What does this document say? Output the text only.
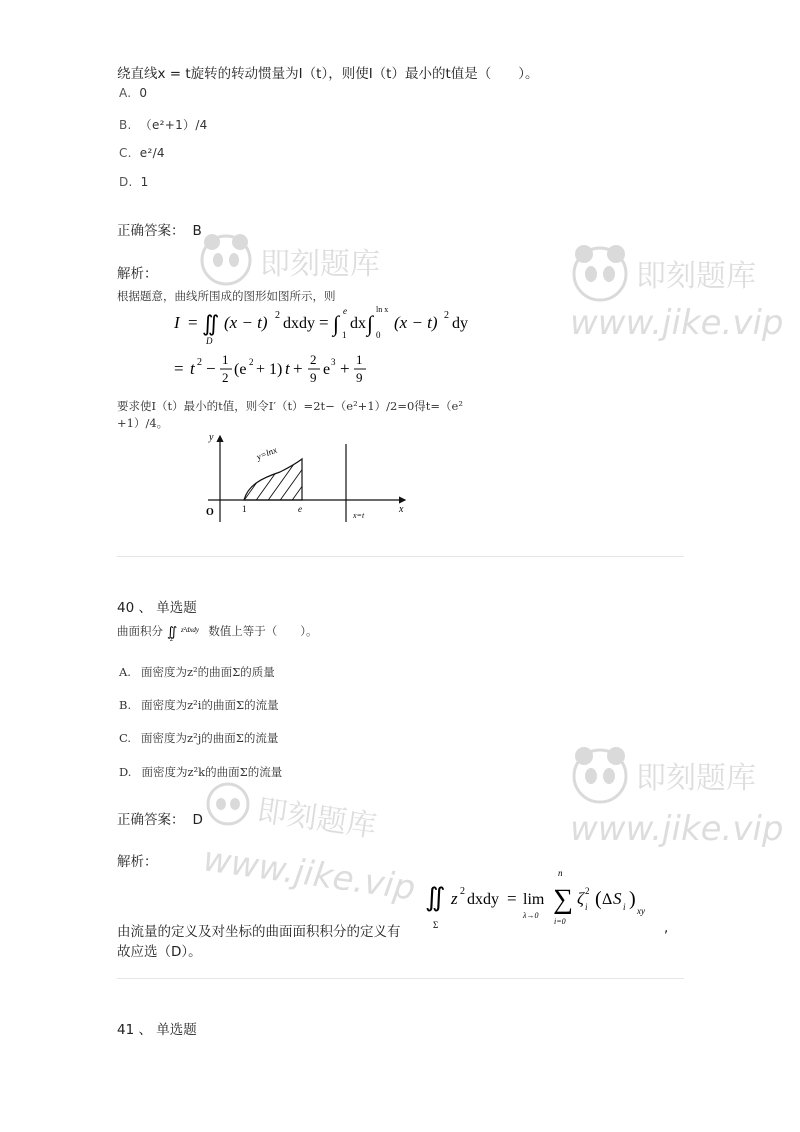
绕直线x = t旋转的转动惯量为I（t），则使I（t）最小的t值是（　　）。
A. 0
B. （e²+1）/4
C. e²/4
D. 1
正确答案： B
解析：
根据题意，曲线所围成的图形如图所示，则
I = ∬
D
(x − t) 2 dxdy = ∫ e
1
dx ∫
ln x
0
(x − t) 2 dy
= t 2 − 1
2 (e 2 + 1) t + 2
9 e 3 + 1
9
要求使I（t）最小的t值，则令I′（t）=2t−（e²+1）/2=0得t=（e²
+1）/4。
y
x
O	1	e
y=lnx
x=t
40 、 单选题
曲面积分 ∬
Σ
z²dxdy 数值上等于（　　）。
A. 面密度为z²的曲面Σ的质量
B. 面密度为z²i的曲面Σ的流量
C. 面密度为z²j的曲面Σ的流量
D. 面密度为z²k的曲面Σ的流量
正确答案： D
解析：
∬
Σ
z 2 dxdy = lim
λ→0
∑
n
i=0
ζ 2
i ( Δ S i )
xy
由流量的定义及对坐标的曲面面积积分的定义有	,
故应选（D）。
41 、 单选题
即刻题库	即刻题库
www.jike.vip
即刻题库
www.jike.vip
即刻题库
www.jike.vip
